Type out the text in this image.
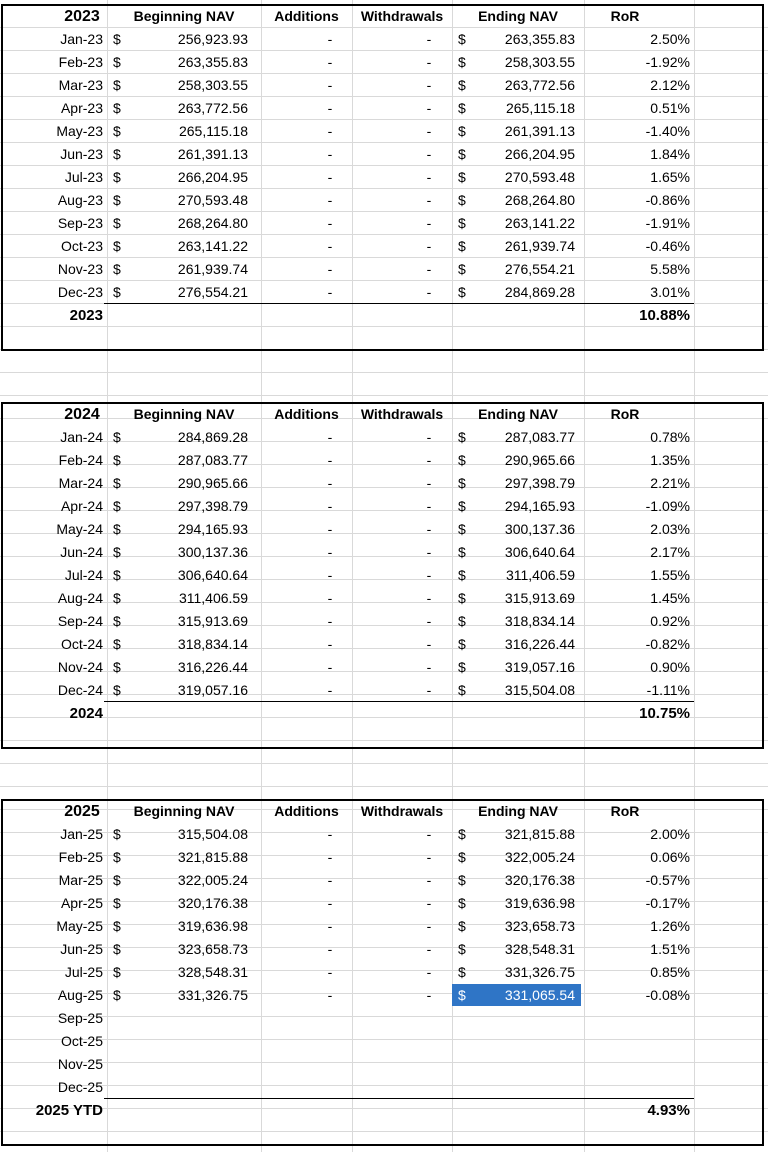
2023	Beginning NAV	Additions	Withdrawals	Ending NAV	RoR
Jan-23 $	256,923.93	-	-	$	263,355.83	2.50%
Feb-23 $	263,355.83	-	-	$	258,303.55	-1.92%
Mar-23 $	258,303.55	-	-	$	263,772.56	2.12%
Apr-23 $	263,772.56	-	-	$	265,115.18	0.51%
May-23 $	265,115.18	-	-	$	261,391.13	-1.40%
Jun-23 $	261,391.13	-	-	$	266,204.95	1.84%
Jul-23 $	266,204.95	-	-	$	270,593.48	1.65%
Aug-23 $	270,593.48	-	-	$	268,264.80	-0.86%
Sep-23 $	268,264.80	-	-	$	263,141.22	-1.91%
Oct-23 $	263,141.22	-	-	$	261,939.74	-0.46%
Nov-23 $	261,939.74	-	-	$	276,554.21	5.58%
Dec-23 $	276,554.21	-	-	$	284,869.28	3.01%
2023	10.88%
2024	Beginning NAV	Additions	Withdrawals	Ending NAV	RoR
Jan-24 $	284,869.28	-	-	$	287,083.77	0.78%
Feb-24 $	287,083.77	-	-	$	290,965.66	1.35%
Mar-24 $	290,965.66	-	-	$	297,398.79	2.21%
Apr-24 $	297,398.79	-	-	$	294,165.93	-1.09%
May-24 $	294,165.93	-	-	$	300,137.36	2.03%
Jun-24 $	300,137.36	-	-	$	306,640.64	2.17%
Jul-24 $	306,640.64	-	-	$	311,406.59	1.55%
Aug-24 $	311,406.59	-	-	$	315,913.69	1.45%
Sep-24 $	315,913.69	-	-	$	318,834.14	0.92%
Oct-24 $	318,834.14	-	-	$	316,226.44	-0.82%
Nov-24 $	316,226.44	-	-	$	319,057.16	0.90%
Dec-24 $	319,057.16	-	-	$	315,504.08	-1.11%
2024	10.75%
2025	Beginning NAV	Additions	Withdrawals	Ending NAV	RoR
Jan-25 $	315,504.08	-	-	$	321,815.88	2.00%
Feb-25 $	321,815.88	-	-	$	322,005.24	0.06%
Mar-25 $	322,005.24	-	-	$	320,176.38	-0.57%
Apr-25 $	320,176.38	-	-	$	319,636.98	-0.17%
May-25 $	319,636.98	-	-	$	323,658.73	1.26%
Jun-25 $	323,658.73	-	-	$	328,548.31	1.51%
Jul-25 $	328,548.31	-	-	$	331,326.75	0.85%
Aug-25 $	331,326.75	-	-	$	331,065.54	-0.08%
Sep-25
Oct-25
Nov-25
Dec-25
2025 YTD	4.93%
